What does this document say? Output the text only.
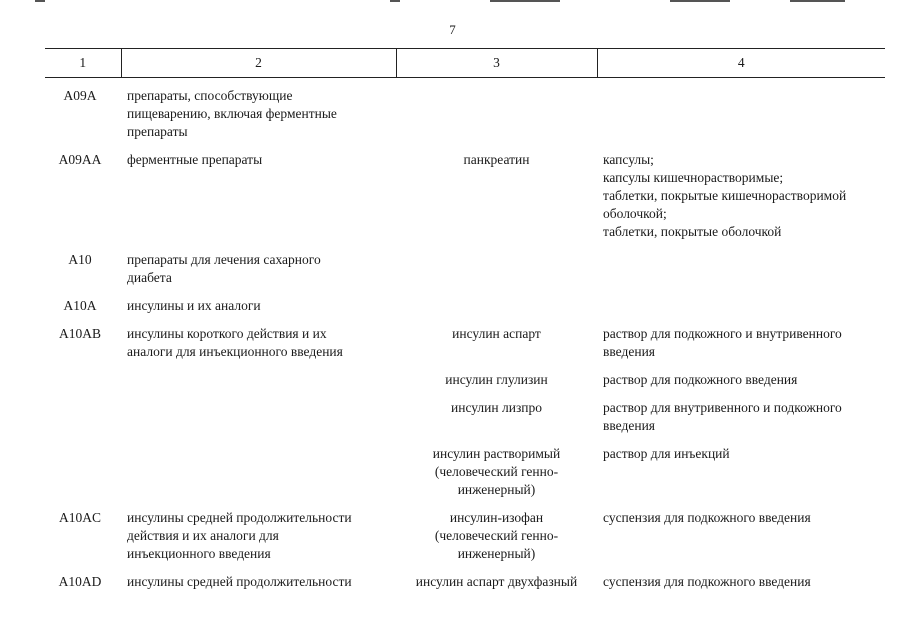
7
1	2	3	4
A09A	препараты, способствующие
пищеварению, включая ферментные
препараты		

A09AA	ферментные препараты	панкреатин	капсулы;
капсулы кишечнорастворимые;
таблетки, покрытые кишечнорастворимой
оболочкой;
таблетки, покрытые оболочкой

A10	препараты для лечения сахарного
диабета		

A10A	инсулины и их аналоги		

A10AB	инсулины короткого действия и их
аналоги для инъекционного введения	инсулин аспарт	раствор для подкожного и внутривенного
введения

		инсулин глулизин	раствор для подкожного введения

		инсулин лизпро	раствор для внутривенного и подкожного
введения

		инсулин растворимый
(человеческий генно-
инженерный)	раствор для инъекций

A10AC	инсулины средней продолжительности
действия и их аналоги для
инъекционного введения	инсулин-изофан
(человеческий генно-
инженерный)	суспензия для подкожного введения

A10AD	инсулины средней продолжительности	инсулин аспарт двухфазный	суспензия для подкожного введения
